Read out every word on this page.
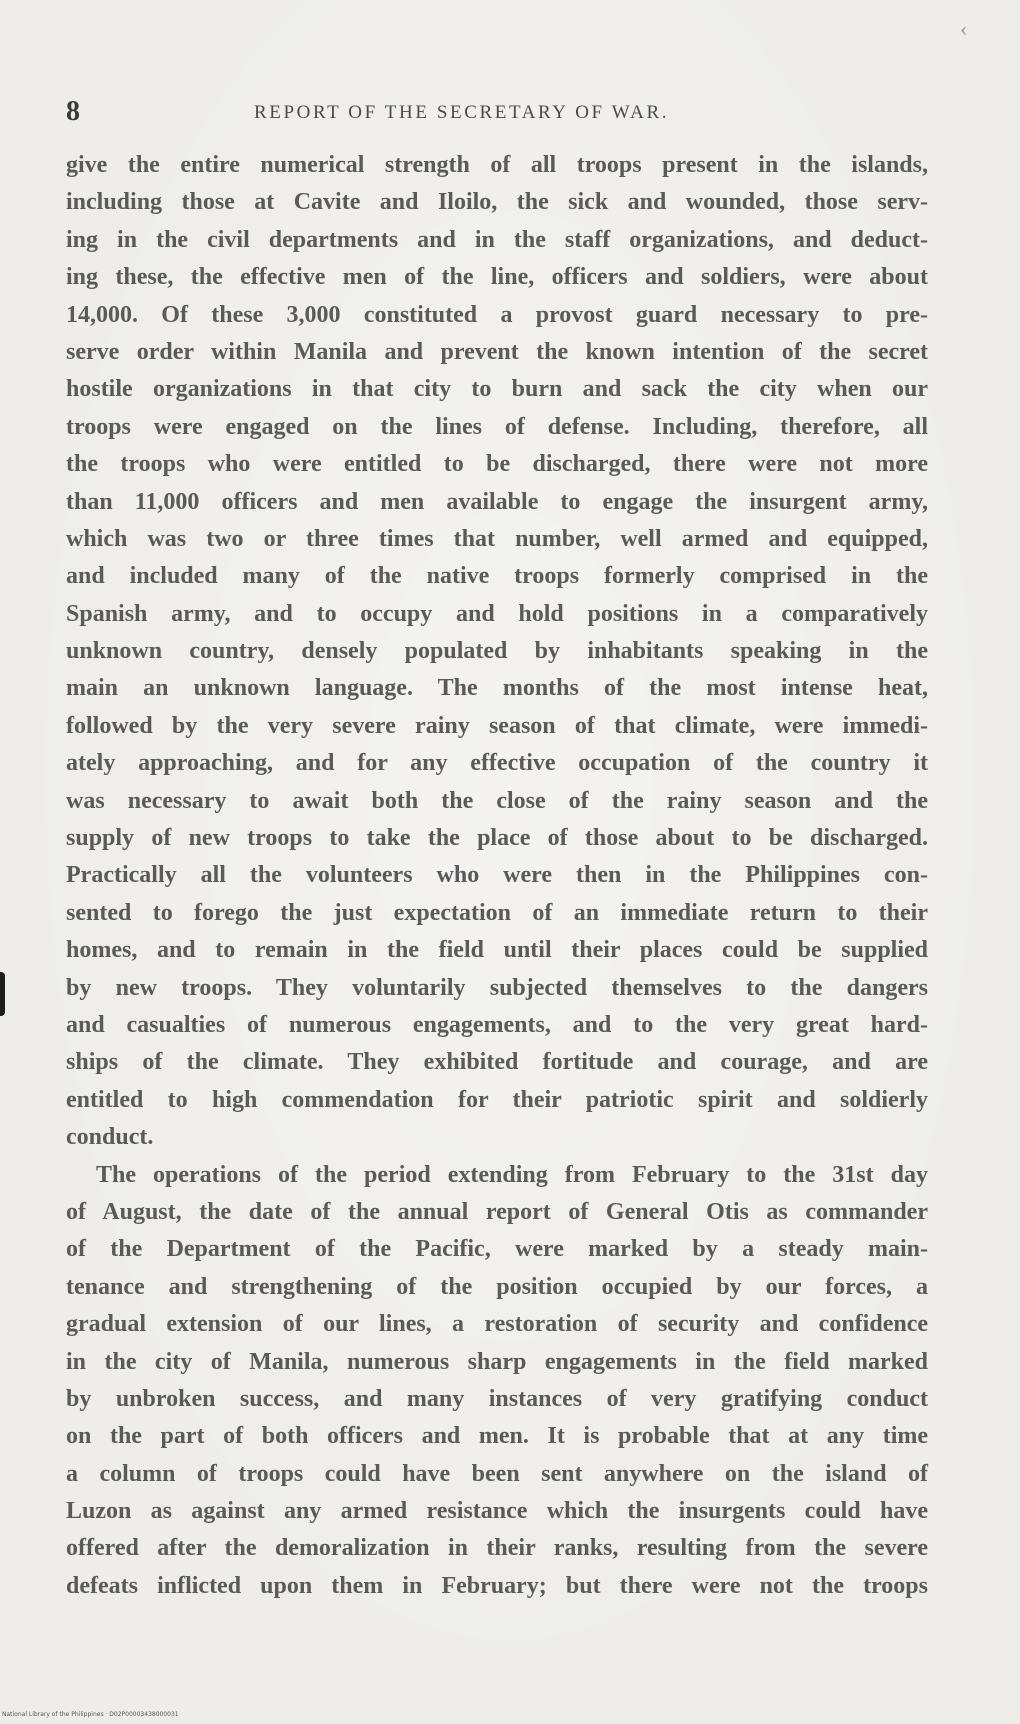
‹
8	REPORT OF THE SECRETARY OF WAR.
give the entire numerical strength of all troops present in the islands,
including those at Cavite and Iloilo, the sick and wounded, those serv-
ing in the civil departments and in the staff organizations, and deduct-
ing these, the effective men of the line, officers and soldiers, were about
14,000. Of these 3,000 constituted a provost guard necessary to pre-
serve order within Manila and prevent the known intention of the secret
hostile organizations in that city to burn and sack the city when our
troops were engaged on the lines of defense. Including, therefore, all
the troops who were entitled to be discharged, there were not more
than 11,000 officers and men available to engage the insurgent army,
which was two or three times that number, well armed and equipped,
and included many of the native troops formerly comprised in the
Spanish army, and to occupy and hold positions in a comparatively
unknown country, densely populated by inhabitants speaking in the
main an unknown language. The months of the most intense heat,
followed by the very severe rainy season of that climate, were immedi-
ately approaching, and for any effective occupation of the country it
was necessary to await both the close of the rainy season and the
supply of new troops to take the place of those about to be discharged.
Practically all the volunteers who were then in the Philippines con-
sented to forego the just expectation of an immediate return to their
homes, and to remain in the field until their places could be supplied
by new troops. They voluntarily subjected themselves to the dangers
and casualties of numerous engagements, and to the very great hard-
ships of the climate. They exhibited fortitude and courage, and are
entitled to high commendation for their patriotic spirit and soldierly
conduct.
The operations of the period extending from February to the 31st day
of August, the date of the annual report of General Otis as commander
of the Department of the Pacific, were marked by a steady main-
tenance and strengthening of the position occupied by our forces, a
gradual extension of our lines, a restoration of security and confidence
in the city of Manila, numerous sharp engagements in the field marked
by unbroken success, and many instances of very gratifying conduct
on the part of both officers and men. It is probable that at any time
a column of troops could have been sent anywhere on the island of
Luzon as against any armed resistance which the insurgents could have
offered after the demoralization in their ranks, resulting from the severe
defeats inflicted upon them in February; but there were not the troops
National Library of the Philippines · D02P00003438000031
